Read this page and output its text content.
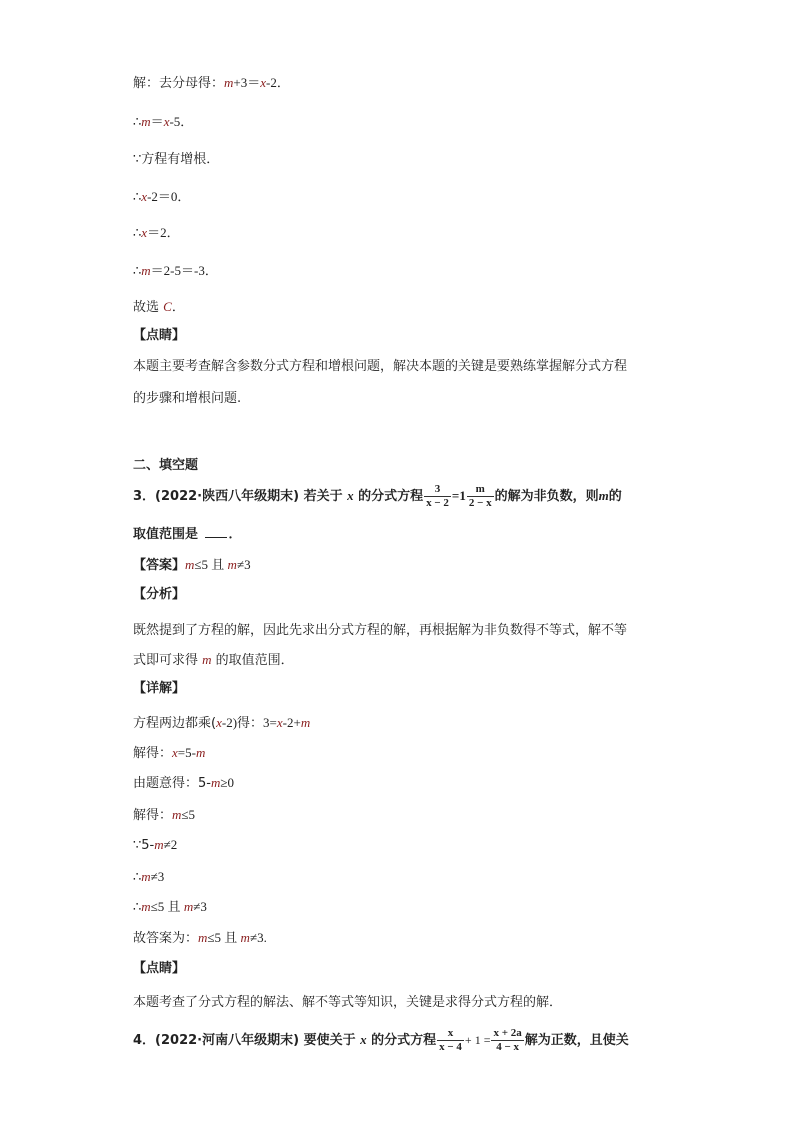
解：去分母得：m+3＝x-2．
∴m＝x-5．
∵方程有增根．
∴x-2＝0．
∴x＝2．
∴m＝2-5＝-3．
故选 C．
【点睛】
本题主要考查解含参数分式方程和增根问题，解决本题的关键是要熟练掌握解分式方程
的步骤和增根问题.
二、填空题
3．(2022·陕西八年级期末) 若关于 x 的分式方程 $\frac{3}{x - 2} =1 \frac{m}{2 - x}$ 的解为非负数，则m的
取值范围是 ．
【答案】m≤5 且 m≠3
【分析】
既然提到了方程的解，因此先求出分式方程的解，再根据解为非负数得不等式，解不等
式即可求得 m 的取值范围．
【详解】
方程两边都乘(x-2)得：3=x-2+m
解得：x=5-m
由题意得：5-m≥0
解得：m≤5
∵5-m≠2
∴m≠3
∴m≤5 且 m≠3
故答案为：m≤5 且 m≠3.
【点睛】
本题考查了分式方程的解法、解不等式等知识，关键是求得分式方程的解．
4．(2022·河南八年级期末) 要使关于 x 的分式方程 $\frac{x}{x - 4} + 1 = \frac{x + 2a}{4 - x}$ 解为正数，且使关
